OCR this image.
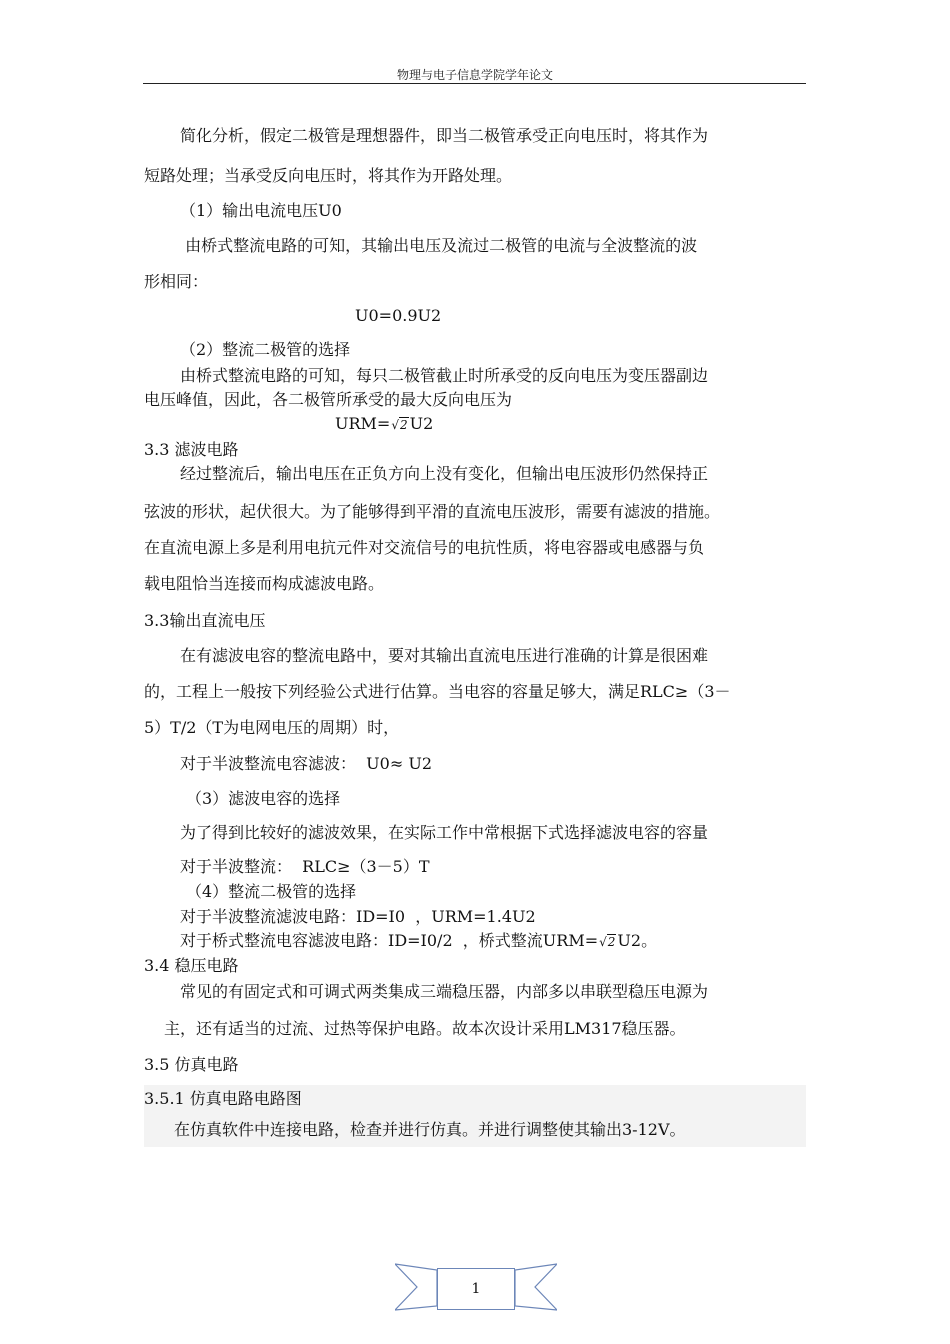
物理与电子信息学院学年论文
简化分析，假定二极管是理想器件，即当二极管承受正向电压时，将其作为
短路处理；当承受反向电压时，将其作为开路处理。
（1）输出电流电压U0
由桥式整流电路的可知，其输出电压及流过二极管的电流与全波整流的波
形相同：
U0=0.9U2
（2）整流二极管的选择
由桥式整流电路的可知，每只二极管截止时所承受的反向电压为变压器副边
电压峰值，因此，各二极管所承受的最大反向电压为
URM=√2 U2
3.3 滤波电路
经过整流后，输出电压在正负方向上没有变化，但输出电压波形仍然保持正
弦波的形状，起伏很大。为了能够得到平滑的直流电压波形，需要有滤波的措施。
在直流电源上多是利用电抗元件对交流信号的电抗性质，将电容器或电感器与负
载电阻恰当连接而构成滤波电路。
3.3输出直流电压
在有滤波电容的整流电路中，要对其输出直流电压进行准确的计算是很困难
的，工程上一般按下列经验公式进行估算。当电容的容量足够大，满足RLC≥（3－
5）T/2（T为电网电压的周期）时，
对于半波整流电容滤波：  U0≈ U2
（3）滤波电容的选择
为了得到比较好的滤波效果，在实际工作中常根据下式选择滤波电容的容量
对于半波整流：  RLC≥（3－5）T
（4）整流二极管的选择
对于半波整流滤波电路：ID=I0  ，URM=1.4U2
对于桥式整流电容滤波电路：ID=I0/2  ，桥式整流URM=√2 U2。
3.4 稳压电路
常见的有固定式和可调式两类集成三端稳压器，内部多以串联型稳压电源为
主，还有适当的过流、过热等保护电路。故本次设计采用LM317稳压器。
3.5 仿真电路
3.5.1 仿真电路电路图
在仿真软件中连接电路，检查并进行仿真。并进行调整使其输出3-12V。
1
